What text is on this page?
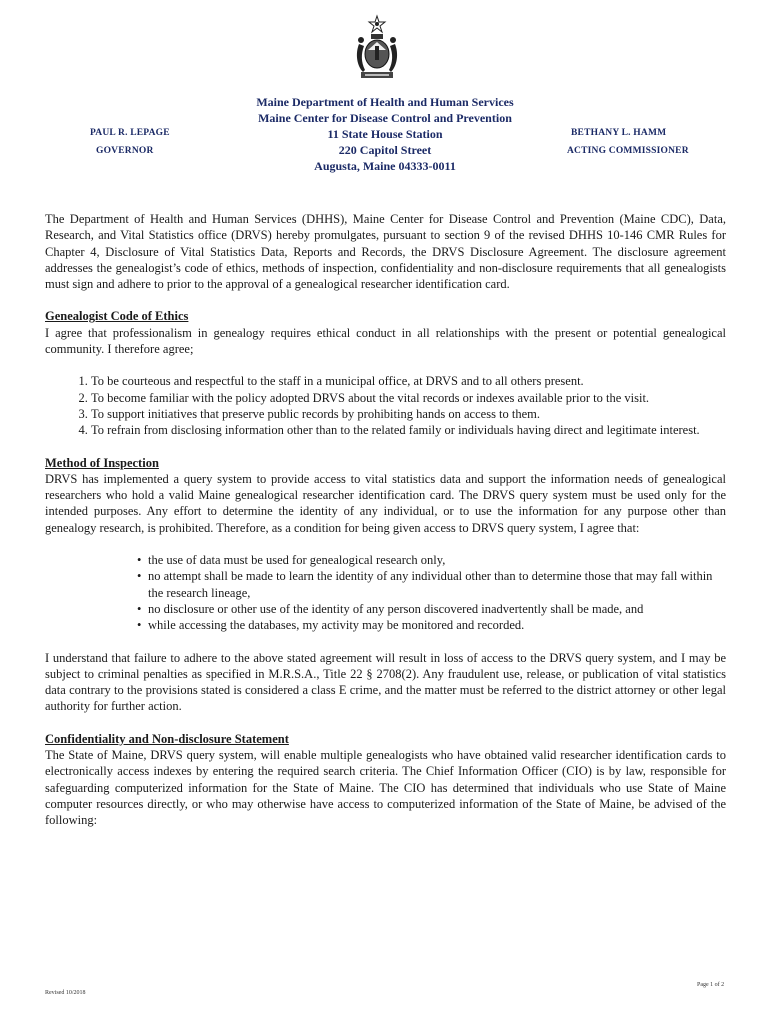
Maine Department of Health and Human Services
Maine Center for Disease Control and Prevention
11 State House Station
220 Capitol Street
Augusta, Maine 04333-0011
PAUL R. LEPAGE
GOVERNOR
BETHANY L. HAMM
ACTING COMMISSIONER

The Department of Health and Human Services (DHHS), Maine Center for Disease Control and Prevention (Maine CDC), Data, Research, and Vital Statistics office (DRVS) hereby promulgates, pursuant to section 9 of the revised DHHS 10-146 CMR Rules for Chapter 4, Disclosure of Vital Statistics Data, Reports and Records, the DRVS Disclosure Agreement. The disclosure agreement addresses the genealogist’s code of ethics, methods of inspection, confidentiality and non-disclosure requirements that all genealogists must sign and adhere to prior to the approval of a genealogical researcher identification card.

Genealogist Code of Ethics

I agree that professionalism in genealogy requires ethical conduct in all relationships with the present or potential genealogical community. I therefore agree;

1. To be courteous and respectful to the staff in a municipal office, at DRVS and to all others present.
2. To become familiar with the policy adopted DRVS about the vital records or indexes available prior to the visit.
3. To support initiatives that preserve public records by prohibiting hands on access to them.
4. To refrain from disclosing information other than to the related family or individuals having direct and legitimate interest.
Method of Inspection

DRVS has implemented a query system to provide access to vital statistics data and support the information needs of genealogical researchers who hold a valid Maine genealogical researcher identification card. The DRVS query system must be used only for the intended purposes. Any effort to determine the identity of any individual, or to use the information for any purpose other than genealogy research, is prohibited. Therefore, as a condition for being given access to DRVS query system, I agree that:

• the use of data must be used for genealogical research only,
• no attempt shall be made to learn the identity of any individual other than to determine those that may fall within the research lineage,
• no disclosure or other use of the identity of any person discovered inadvertently shall be made, and
• while accessing the databases, my activity may be monitored and recorded.

I understand that failure to adhere to the above stated agreement will result in loss of access to the DRVS query system, and I may be subject to criminal penalties as specified in M.R.S.A., Title 22 § 2708(2). Any fraudulent use, release, or publication of vital statistics data contrary to the provisions stated is considered a class E crime, and the matter must be referred to the district attorney or other legal authority for further action.

Confidentiality and Non-disclosure Statement

The State of Maine, DRVS query system, will enable multiple genealogists who have obtained valid researcher identification cards to electronically access indexes by entering the required search criteria. The Chief Information Officer (CIO) is by law, responsible for safeguarding computerized information for the State of Maine. The CIO has determined that individuals who use State of Maine computer resources directly, or who may otherwise have access to computerized information of the State of Maine, be advised of the following:

Revised 10/2018
Page 1 of 2
